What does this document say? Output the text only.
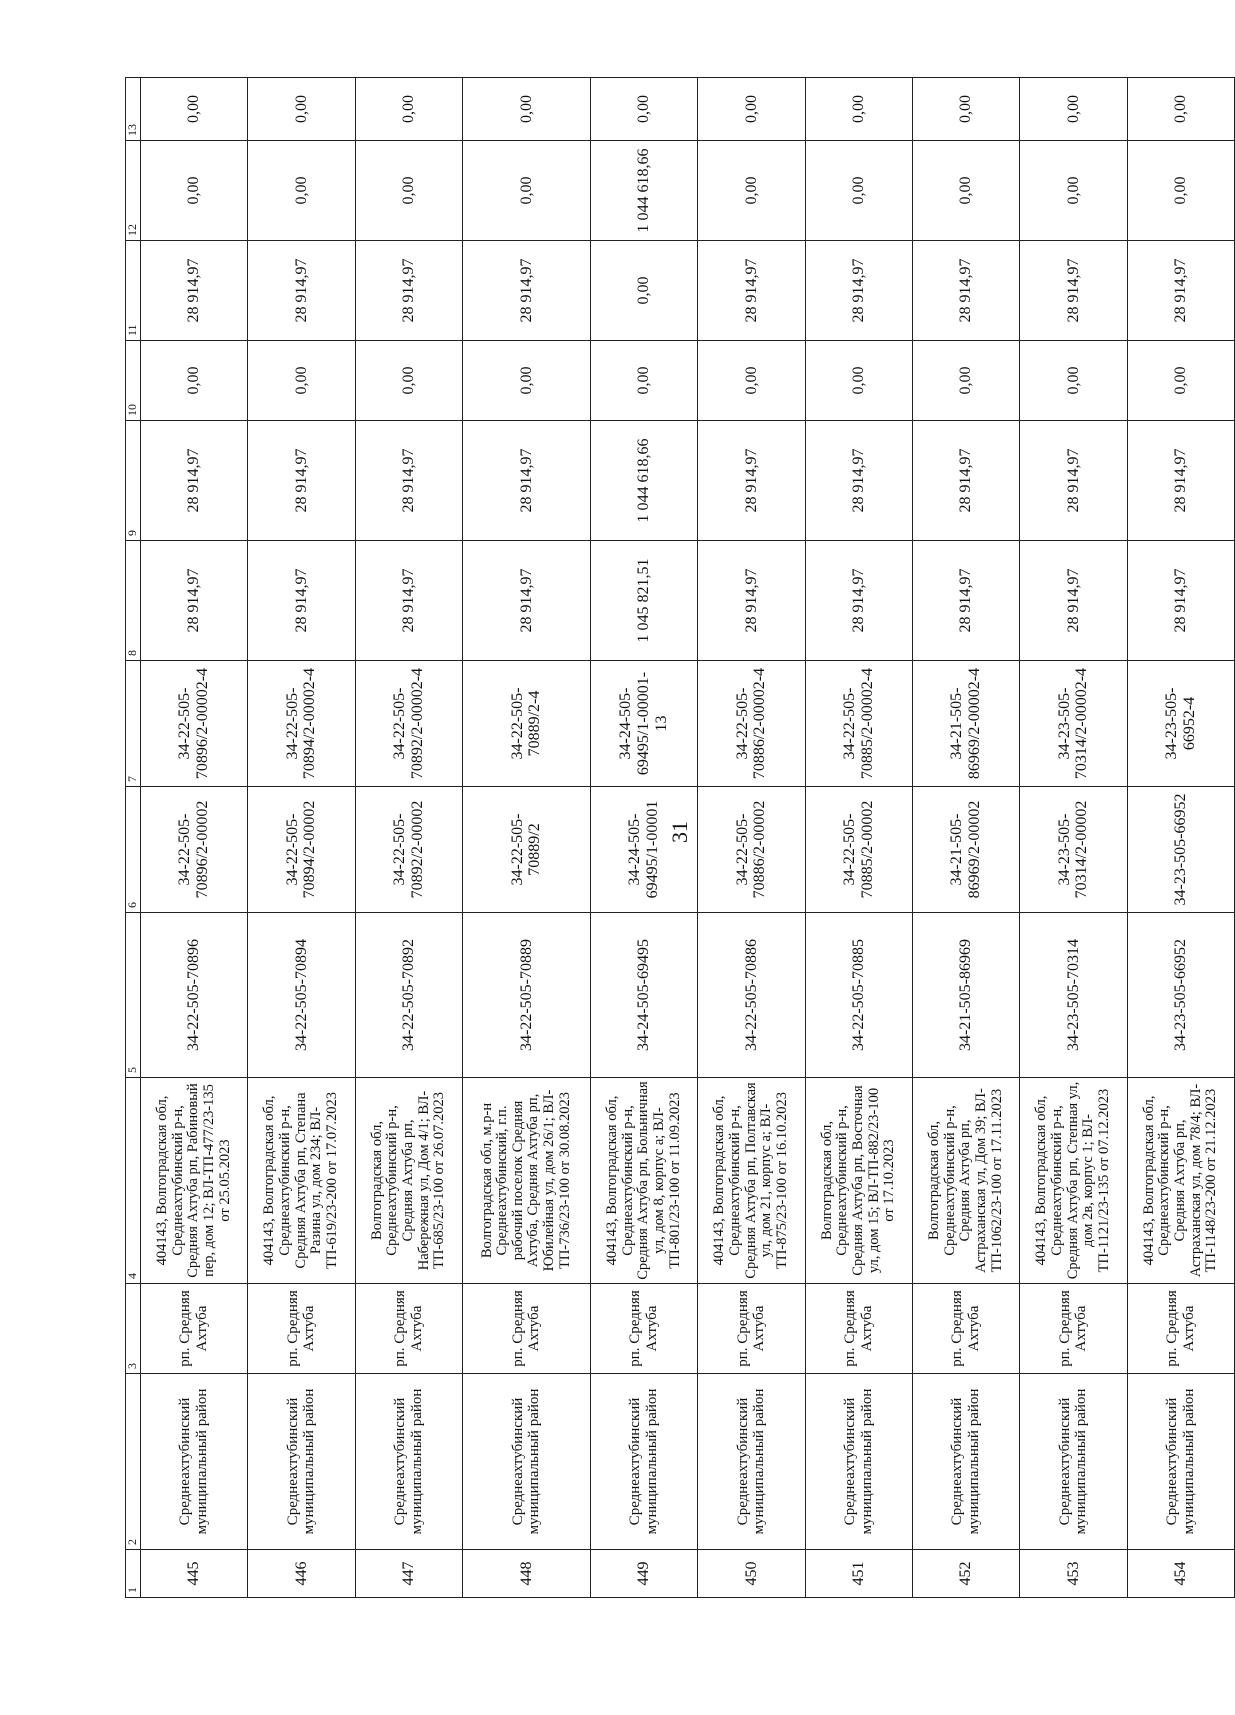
31
1	2	3	4	5	6	7	8	9	10	11	12	13
445	Среднеахтубинский муниципальный район	рп. Средняя Ахтуба	404143, Волгоградская обл, Среднеахтубинский р-н, Средняя Ахтуба рп, Рабиновый пер, дом 12; ВЛ-ТП-477/23-135 от 25.05.2023	34-22-505-70896	34-22-505-70896/2-00002	34-22-505-70896/2-00002-4	28 914,97	28 914,97	0,00	28 914,97	0,00	0,00
446	Среднеахтубинский муниципальный район	рп. Средняя Ахтуба	404143, Волгоградская обл, Среднеахтубинский р-н, Средняя Ахтуба рп, Степана Разина ул, дом 234; ВЛ-ТП-619/23-200 от 17.07.2023	34-22-505-70894	34-22-505-70894/2-00002	34-22-505-70894/2-00002-4	28 914,97	28 914,97	0,00	28 914,97	0,00	0,00
447	Среднеахтубинский муниципальный район	рп. Средняя Ахтуба	Волгоградская обл, Среднеахтубинский р-н, Средняя Ахтуба рп, Набережная ул, Дом 4/1; ВЛ-ТП-685/23-100 от 26.07.2023	34-22-505-70892	34-22-505-70892/2-00002	34-22-505-70892/2-00002-4	28 914,97	28 914,97	0,00	28 914,97	0,00	0,00
448	Среднеахтубинский муниципальный район	рп. Средняя Ахтуба	Волгоградская обл, м.р-н Среднеахтубинский, г.п. рабочий поселок Средняя Ахтуба, Средняя Ахтуба рп, Юбилейная ул, дом 26/1; ВЛ-ТП-736/23-100 от 30.08.2023	34-22-505-70889	34-22-505-70889/2	34-22-505-70889/2-4	28 914,97	28 914,97	0,00	28 914,97	0,00	0,00
449	Среднеахтубинский муниципальный район	рп. Средняя Ахтуба	404143, Волгоградская обл, Среднеахтубинский р-н, Средняя Ахтуба рп, Больничная ул, дом 8, корпус а; ВЛ-ТП-801/23-100 от 11.09.2023	34-24-505-69495	34-24-505-69495/1-00001	34-24-505-69495/1-00001-13	1 045 821,51	1 044 618,66	0,00	0,00	1 044 618,66	0,00
450	Среднеахтубинский муниципальный район	рп. Средняя Ахтуба	404143, Волгоградская обл, Среднеахтубинский р-н, Средняя Ахтуба рп, Полтавская ул, дом 21, корпус а; ВЛ-ТП-875/23-100 от 16.10.2023	34-22-505-70886	34-22-505-70886/2-00002	34-22-505-70886/2-00002-4	28 914,97	28 914,97	0,00	28 914,97	0,00	0,00
451	Среднеахтубинский муниципальный район	рп. Средняя Ахтуба	Волгоградская обл, Среднеахтубинский р-н, Средняя Ахтуба рп, Восточная ул, дом 15; ВЛ-ТП-882/23-100 от 17.10.2023	34-22-505-70885	34-22-505-70885/2-00002	34-22-505-70885/2-00002-4	28 914,97	28 914,97	0,00	28 914,97	0,00	0,00
452	Среднеахтубинский муниципальный район	рп. Средняя Ахтуба	Волгоградская обл, Среднеахтубинский р-н, Средняя Ахтуба рп, Астраханская ул, Дом 39; ВЛ-ТП-1062/23-100 от 17.11.2023	34-21-505-86969	34-21-505-86969/2-00002	34-21-505-86969/2-00002-4	28 914,97	28 914,97	0,00	28 914,97	0,00	0,00
453	Среднеахтубинский муниципальный район	рп. Средняя Ахтуба	404143, Волгоградская обл, Среднеахтубинский р-н, Средняя Ахтуба рп, Степная ул, дом 2в, корпус 1; ВЛ-ТП-1121/23-135 от 07.12.2023	34-23-505-70314	34-23-505-70314/2-00002	34-23-505-70314/2-00002-4	28 914,97	28 914,97	0,00	28 914,97	0,00	0,00
454	Среднеахтубинский муниципальный район	рп. Средняя Ахтуба	404143, Волгоградская обл, Среднеахтубинский р-н, Средняя Ахтуба рп, Астраханская ул, дом 78/4; ВЛ-ТП-1148/23-200 от 21.12.2023	34-23-505-66952	34-23-505-66952	34-23-505-66952-4	28 914,97	28 914,97	0,00	28 914,97	0,00	0,00
